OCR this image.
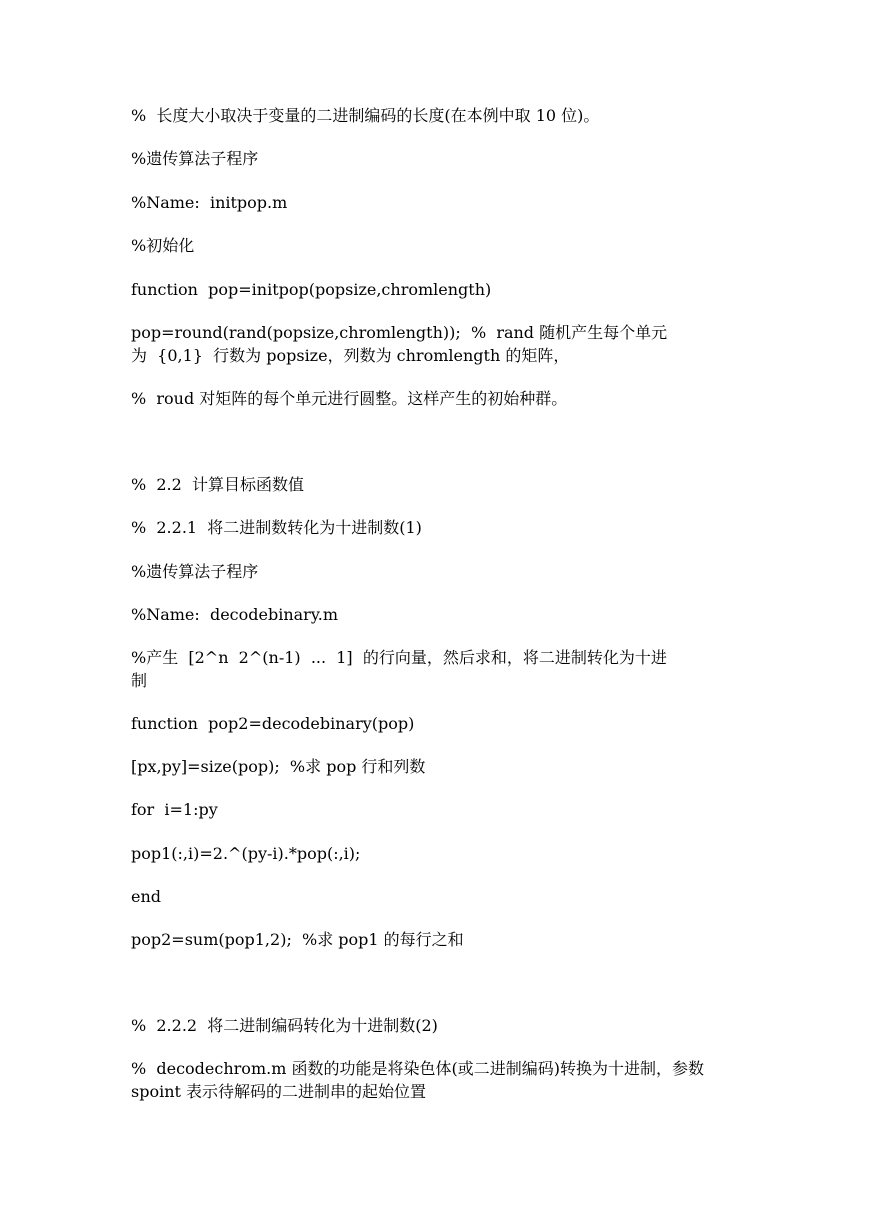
%  长度大小取决于变量的二进制编码的长度(在本例中取 10 位)。
%遗传算法子程序
%Name:  initpop.m
%初始化
function  pop=initpop(popsize,chromlength)
pop=round(rand(popsize,chromlength));  %  rand 随机产生每个单元
为  {0,1}  行数为 popsize，列数为 chromlength 的矩阵，
%  roud 对矩阵的每个单元进行圆整。这样产生的初始种群。
%  2.2  计算目标函数值
%  2.2.1  将二进制数转化为十进制数(1)
%遗传算法子程序
%Name:  decodebinary.m
%产生  [2^n  2^(n-1)  ...  1]  的行向量，然后求和，将二进制转化为十进
制
function  pop2=decodebinary(pop)
[px,py]=size(pop);  %求 pop 行和列数
for  i=1:py
pop1(:,i)=2.^(py-i).*pop(:,i);
end
pop2=sum(pop1,2);  %求 pop1 的每行之和
%  2.2.2  将二进制编码转化为十进制数(2)
%  decodechrom.m 函数的功能是将染色体(或二进制编码)转换为十进制，参数
spoint 表示待解码的二进制串的起始位置
